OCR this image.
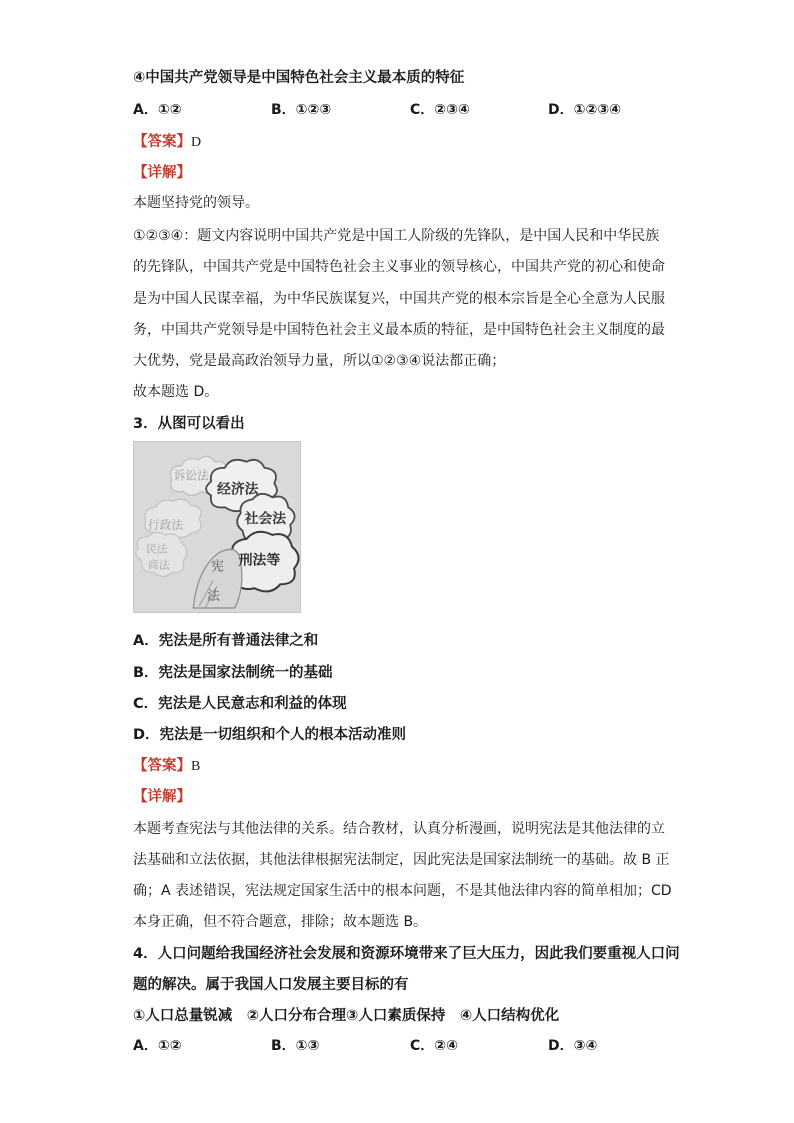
④中国共产党领导是中国特色社会主义最本质的特征
A．①②	B．①②③	C．②③④	D．①②③④
【答案】D
【详解】
本题坚持党的领导。
①②③④：题文内容说明中国共产党是中国工人阶级的先锋队，是中国人民和中华民族
的先锋队，中国共产党是中国特色社会主义事业的领导核心，中国共产党的初心和使命
是为中国人民谋幸福，为中华民族谋复兴，中国共产党的根本宗旨是全心全意为人民服
务，中国共产党领导是中国特色社会主义最本质的特征，是中国特色社会主义制度的最
大优势，党是最高政治领导力量，所以①②③④说法都正确；
故本题选 D。
3．从图可以看出
诉讼法
经济法
社会法
行政法
民法
商法	刑法等
宪
法
A．宪法是所有普通法律之和
B．宪法是国家法制统一的基础
C．宪法是人民意志和利益的体现
D．宪法是一切组织和个人的根本活动准则
【答案】B
【详解】
本题考查宪法与其他法律的关系。结合教材，认真分析漫画，说明宪法是其他法律的立
法基础和立法依据，其他法律根据宪法制定，因此宪法是国家法制统一的基础。故 B 正
确；A 表述错误，宪法规定国家生活中的根本问题，不是其他法律内容的简单相加；CD
本身正确，但不符合题意，排除；故本题选 B。
4．人口问题给我国经济社会发展和资源环境带来了巨大压力，因此我们要重视人口问
题的解决。属于我国人口发展主要目标的有
①人口总量锐减　②人口分布合理③人口素质保持　④人口结构优化
A．①②	B．①③	C．②④	D．③④
